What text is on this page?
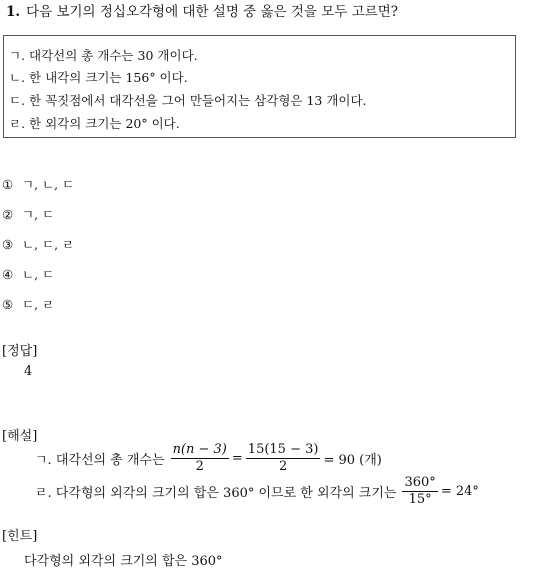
1. 다음 보기의 정십오각형에 대한 설명 중 옳은 것을 모두 고르면?
ㄱ. 대각선의 총 개수는 30 개이다.
ㄴ. 한 내각의 크기는 156° 이다.
ㄷ. 한 꼭짓점에서 대각선을 그어 만들어지는 삼각형은 13 개이다.
ㄹ. 한 외각의 크기는 20° 이다.
① ㄱ, ㄴ, ㄷ
② ㄱ, ㄷ
③ ㄴ, ㄷ, ㄹ
④ ㄴ, ㄷ
⑤ ㄷ, ㄹ
[정답]
4
[해설]
ㄱ. 대각선의 총 개수는 $\frac{n(n - 3)}{2} = \frac{15(15 - 3)}{2} = 90$ (개)
ㄹ. 다각형의 외각의 크기의 합은 360° 이므로 한 외각의 크기는 $\frac{360^\circ}{15^\circ} = 24^\circ$
[힌트]
다각형의 외각의 크기의 합은 360°
